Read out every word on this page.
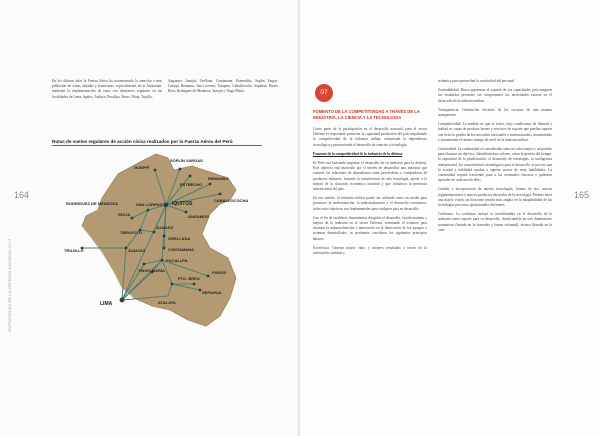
164
ESTRATEGIAS DE LA DEFENSA NACIONAL 2017
En los últimos años la Fuerza Aérea ha incrementado la atención a más población de zonas alejadas y fronterizas, especialmente en la Amazonía, mediante la implementación de rutas con itinerarios regulares en las localidades de Lima, Iquitos, Atalaya, Pucallpa, Purus, Rioja, Trujillo,
Angamos, Juanjuí, Orellana, Contamana, Esmeraldo, Soplín Vargas, Gueppí, Remanso, San Lorenzo, Tarapoto, Caballococha, Sepahua, Puerto Breu, Rodríguez de Mendoza, Juanjuí y Tingo María.
Rutas de vuelos regulares de acción cívica realizados por la Fuerza Aérea del Perú
GUEPPÍ
SOPLÍN VARGAS
ESTRECHO
REMANSO
CABALLOCOCHA
IQUITOS
ANGAMOS
RODRÍGUEZ DE MENDOZA
RIOJA
SAN LORENZO
TARAPOTO
JUANJUÍ
ORELLANA
JUANJUÍ	CONTAMANA
PUCALLPA
TINGO MARÍA
TRUJILLO
PURÚS
PTO. BREU
SEPAHUA
ATALAYA
LIMA
165
07
FOMENTO DE LA COMPETITIVIDAD A TRAVÉS DE LA INDUSTRIA, LA CIENCIA Y LA TECNOLOGÍA

Como parte de la participación en el desarrollo nacional, para el sector Defensa es importante potenciar la capacidad productiva del país impulsando la competitividad de la industria militar, reduciendo la dependencia tecnológica y promoviendo el desarrollo de ciencias y tecnología.

Fomento de la competitividad de la industria de la defensa

El Perú está buscando impulsar el desarrollo de su industria para la defensa. Este objetivo está motivado por el interés de desarrollar una industria que controle las relaciones de dependencia entre proveedores y compradores de productos militares, fomente la transferencia de alta tecnología, aporte a la mejora de la situación económica nacional y que fortalezca la presencia internacional del país.

En ese sentido, la industria militar puede ser utilizada como un medio para promover la modernización, la industrialización y el desarrollo económico; todos estos objetivos son fundamentales para cualquier país en desarrollo.

Con el fin de establecer lineamientos dirigidos al desarrollo, fortalecimiento y mejora de la industria en el sector Defensa, orientando el esfuerzo para alcanzar la industrialización e innovación en la fabricación de los equipos y sistemas desarrollados, es pertinente considerar los siguientes principios básicos:

Excelencia. Generar mayor valor y mejores resultados a través de la innovación continua y

sistémica para aprovechar la creatividad del personal.

Sostenibilidad. Busca garantizar el soporte de sus capacidades para asegurar los resultados presentes sin comprometer las necesidades futuras en el desarrollo de la industria militar.

Transparencia. Orientación eficiente de los recursos de una manera transparente.

Competitividad. La medida en que el sector, bajo condiciones de libertad y lealtad, es capaz de producir bienes y servicios de soporte que puedan superar con éxito la prueba de los mercados nacionales e internacionales, manteniendo y aumentando el retorno tiempo de nivel de la industria militar.

Continuidad. La continuidad es considerada como un valor mayor y un potente para alcanzar un objetivo. Identificándose valores, como la gestión del tiempo, la capacidad de la planificación, el desarrollo de estrategias, la inteligencia interpersonal, los conocimientos tecnológicos para el desarrollo, es por eso que la actitud y habilidad ayudan a superar acerca de otras habilidades. La continuidad seguirá trasciendo para a los eventuales fracasos y podemos aprender de cada uno de ellos.

Cambio e incorporación de nuevas tecnologías, formas de uso, nuevas reglamentaciones y nuevos productos derivados de la tecnología. Permite tener una mayor visión, un horizonte mucho más amplio en la adaptabilidad de las tecnologías para usos operacionales diferentes.

Confianza. La confianza incluye la incertidumbre en el desarrollo de la industria como soporte para su desarrollo, clasificándola en tres dimensiones normativas (basada en la honradez y buena voluntad), técnica (basada en la com-
